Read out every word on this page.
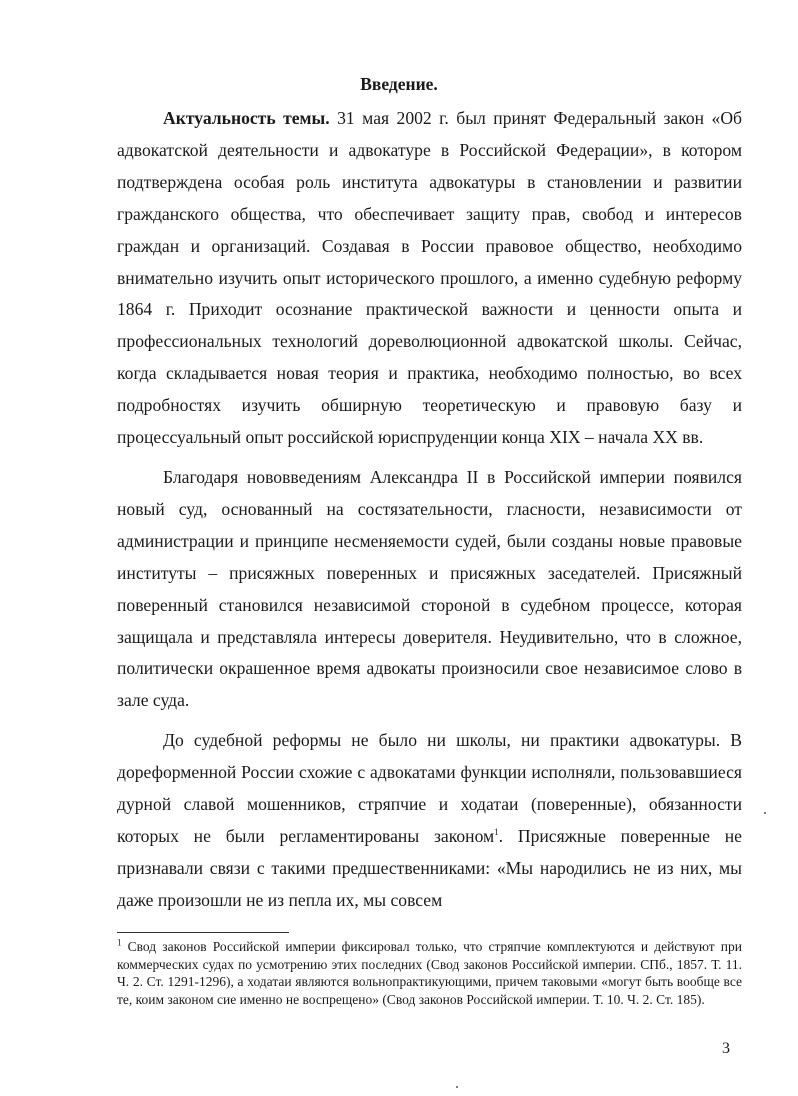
Введение.

Актуальность темы. 31 мая 2002 г. был принят Федеральный закон «Об адвокатской деятельности и адвокатуре в Российской Федерации», в котором подтверждена особая роль института адвокатуры в становлении и развитии гражданского общества, что обеспечивает защиту прав, свобод и интересов граждан и организаций. Создавая в России правовое общество, необходимо внимательно изучить опыт исторического прошлого, а именно судебную реформу 1864 г. Приходит осознание практической важности и ценности опыта и профессиональных технологий дореволюционной адвокатской школы. Сейчас, когда складывается новая теория и практика, необходимо полностью, во всех подробностях изучить обширную теоретическую и правовую базу и процессуальный опыт российской юриспруденции конца XIX – начала XX вв.

Благодаря нововведениям Александра II в Российской империи появился новый суд, основанный на состязательности, гласности, независимости от администрации и принципе несменяемости судей, были созданы новые правовые институты – присяжных поверенных и присяжных заседателей. Присяжный поверенный становился независимой стороной в судебном процессе, которая защищала и представляла интересы доверителя. Неудивительно, что в сложное, политически окрашенное время адвокаты произносили свое независимое слово в зале суда.

До судебной реформы не было ни школы, ни практики адвокатуры. В дореформенной России схожие с адвокатами функции исполняли, пользовавшиеся дурной славой мошенников, стряпчие и ходатаи (поверенные), обязанности которых не были регламентированы законом$^1$. Присяжные поверенные не признавали связи с такими предшественниками: «Мы народились не из них, мы даже произошли не из пепла их, мы совсем

$^1$ Свод законов Российской империи фиксировал только, что стряпчие комплектуются и действуют при коммерческих судах по усмотрению этих последних (Свод законов Российской империи. СПб., 1857. Т. 11. Ч. 2. Ст. 1291-1296), а ходатаи являются вольнопрактикующими, причем таковыми «могут быть вообще все те, коим законом сие именно не воспрещено» (Свод законов Российской империи. Т. 10. Ч. 2. Ст. 185).
3
